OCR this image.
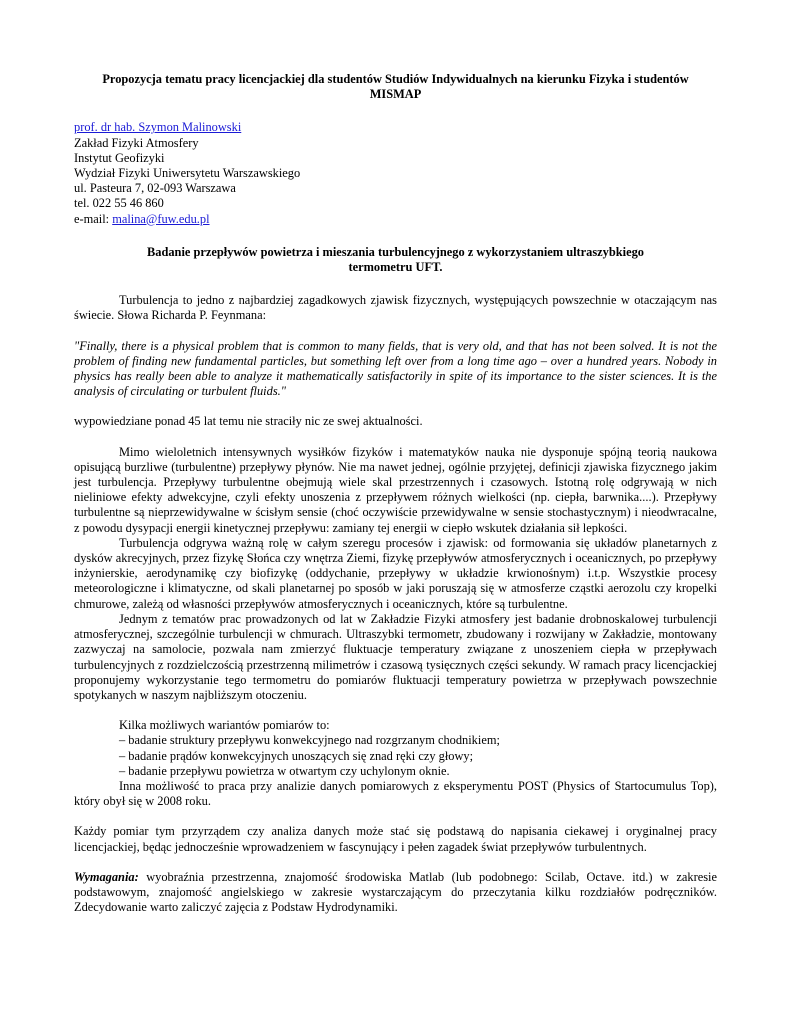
Propozycja tematu pracy licencjackiej dla studentów Studiów Indywidualnych na kierunku Fizyka i studentów
MISMAP
prof. dr hab. Szymon Malinowski
Zakład Fizyki Atmosfery
Instytut Geofizyki
Wydział Fizyki Uniwersytetu Warszawskiego
ul. Pasteura 7, 02-093 Warszawa
tel. 022 55 46 860
e-mail: malina@fuw.edu.pl
Badanie przepływów powietrza i mieszania turbulencyjnego z wykorzystaniem ultraszybkiego
termometru UFT.

Turbulencja to jedno z najbardziej zagadkowych zjawisk fizycznych, występujących powszechnie w otaczającym nas świecie. Słowa Richarda P. Feynmana:

"Finally, there is a physical problem that is common to many fields, that is very old, and that has not been solved. It is not the problem of finding new fundamental particles, but something left over from a long time ago – over a hundred years. Nobody in physics has really been able to analyze it mathematically satisfactorily in spite of its importance to the sister sciences. It is the analysis of circulating or turbulent fluids."

wypowiedziane ponad 45 lat temu nie straciły nic ze swej aktualności.

Mimo wieloletnich intensywnych wysiłków fizyków i matematyków nauka nie dysponuje spójną teorią naukowa opisującą burzliwe (turbulentne) przepływy płynów. Nie ma nawet jednej, ogólnie przyjętej, definicji zjawiska fizycznego jakim jest turbulencja. Przepływy turbulentne obejmują wiele skal przestrzennych i czasowych. Istotną rolę odgrywają w nich nieliniowe efekty adwekcyjne, czyli efekty unoszenia z przepływem różnych wielkości (np. ciepła, barwnika....). Przepływy turbulentne są nieprzewidywalne w ścisłym sensie (choć oczywiście przewidywalne w sensie stochastycznym) i nieodwracalne, z powodu dysypacji energii kinetycznej przepływu: zamiany tej energii w ciepło wskutek działania sił lepkości.

Turbulencja odgrywa ważną rolę w całym szeregu procesów i zjawisk: od formowania się układów planetarnych z dysków akrecyjnych, przez fizykę Słońca czy wnętrza Ziemi, fizykę przepływów atmosferycznych i oceanicznych, po przepływy inżynierskie, aerodynamikę czy biofizykę (oddychanie, przepływy w układzie krwionośnym) i.t.p. Wszystkie procesy meteorologiczne i klimatyczne, od skali planetarnej po sposób w jaki poruszają się w atmosferze cząstki aerozolu czy kropelki chmurowe, zależą od własności przepływów atmosferycznych i oceanicznych, które są turbulentne.

Jednym z tematów prac prowadzonych od lat w Zakładzie Fizyki atmosfery jest badanie drobnoskalowej turbulencji atmosferycznej, szczególnie turbulencji w chmurach. Ultraszybki termometr, zbudowany i rozwijany w Zakładzie, montowany zazwyczaj na samolocie, pozwala nam zmierzyć fluktuacje temperatury związane z unoszeniem ciepła w przepływach turbulencyjnych z rozdzielczością przestrzenną milimetrów i czasową tysięcznych części sekundy. W ramach pracy licencjackiej proponujemy wykorzystanie tego termometru do pomiarów fluktuacji temperatury powietrza w przepływach powszechnie spotykanych w naszym najbliższym otoczeniu.

Kilka możliwych wariantów pomiarów to:
– badanie struktury przepływu konwekcyjnego nad rozgrzanym chodnikiem;
– badanie prądów konwekcyjnych unoszących się znad ręki czy głowy;
– badanie przepływu powietrza w otwartym czy uchylonym oknie.

Inna możliwość to praca przy analizie danych pomiarowych z eksperymentu POST (Physics of Startocumulus Top), który obył się w 2008 roku.

Każdy pomiar tym przyrządem czy analiza danych może stać się podstawą do napisania ciekawej i oryginalnej pracy licencjackiej, będąc jednocześnie wprowadzeniem w fascynujący i pełen zagadek świat przepływów turbulentnych.

Wymagania: wyobraźnia przestrzenna, znajomość środowiska Matlab (lub podobnego: Scilab, Octave. itd.) w zakresie podstawowym, znajomość angielskiego w zakresie wystarczającym do przeczytania kilku rozdziałów podręczników. Zdecydowanie warto zaliczyć zajęcia z Podstaw Hydrodynamiki.
